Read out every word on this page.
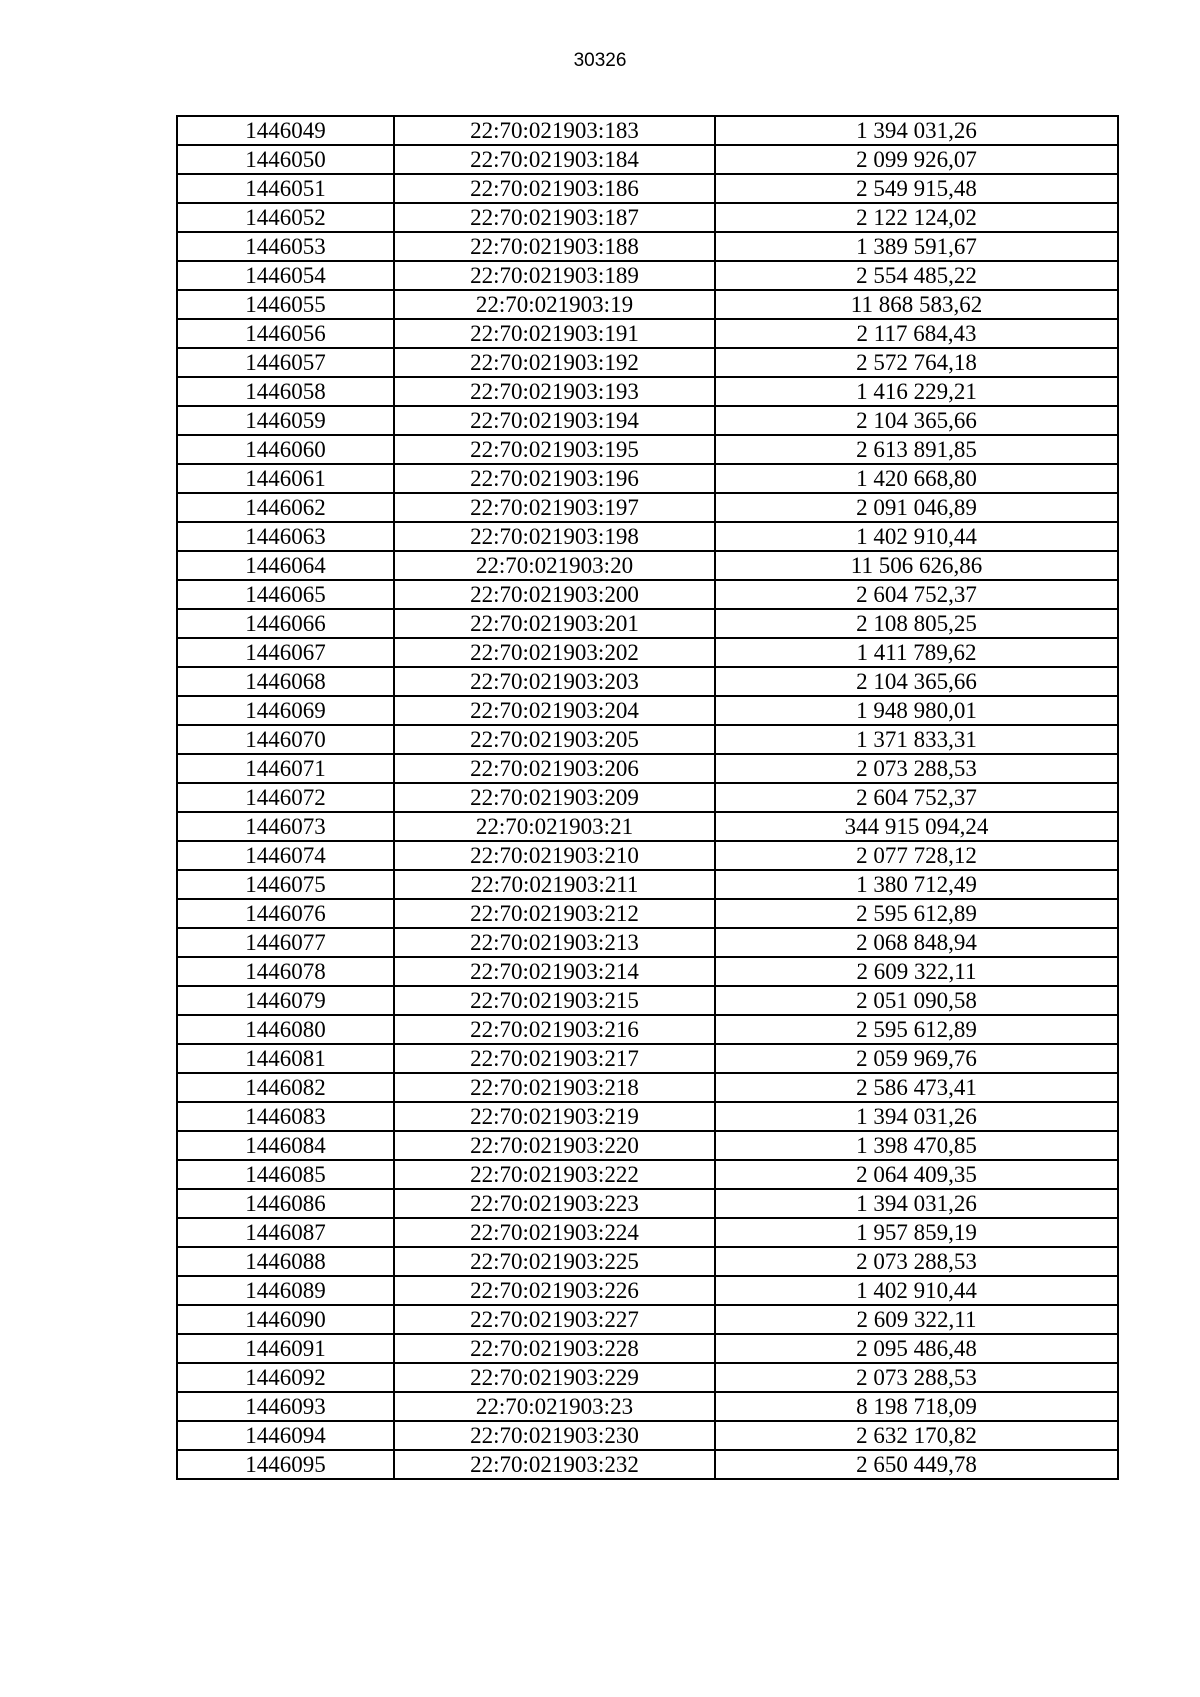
30326
1446049	22:70:021903:183	1 394 031,26
1446050	22:70:021903:184	2 099 926,07
1446051	22:70:021903:186	2 549 915,48
1446052	22:70:021903:187	2 122 124,02
1446053	22:70:021903:188	1 389 591,67
1446054	22:70:021903:189	2 554 485,22
1446055	22:70:021903:19	11 868 583,62
1446056	22:70:021903:191	2 117 684,43
1446057	22:70:021903:192	2 572 764,18
1446058	22:70:021903:193	1 416 229,21
1446059	22:70:021903:194	2 104 365,66
1446060	22:70:021903:195	2 613 891,85
1446061	22:70:021903:196	1 420 668,80
1446062	22:70:021903:197	2 091 046,89
1446063	22:70:021903:198	1 402 910,44
1446064	22:70:021903:20	11 506 626,86
1446065	22:70:021903:200	2 604 752,37
1446066	22:70:021903:201	2 108 805,25
1446067	22:70:021903:202	1 411 789,62
1446068	22:70:021903:203	2 104 365,66
1446069	22:70:021903:204	1 948 980,01
1446070	22:70:021903:205	1 371 833,31
1446071	22:70:021903:206	2 073 288,53
1446072	22:70:021903:209	2 604 752,37
1446073	22:70:021903:21	344 915 094,24
1446074	22:70:021903:210	2 077 728,12
1446075	22:70:021903:211	1 380 712,49
1446076	22:70:021903:212	2 595 612,89
1446077	22:70:021903:213	2 068 848,94
1446078	22:70:021903:214	2 609 322,11
1446079	22:70:021903:215	2 051 090,58
1446080	22:70:021903:216	2 595 612,89
1446081	22:70:021903:217	2 059 969,76
1446082	22:70:021903:218	2 586 473,41
1446083	22:70:021903:219	1 394 031,26
1446084	22:70:021903:220	1 398 470,85
1446085	22:70:021903:222	2 064 409,35
1446086	22:70:021903:223	1 394 031,26
1446087	22:70:021903:224	1 957 859,19
1446088	22:70:021903:225	2 073 288,53
1446089	22:70:021903:226	1 402 910,44
1446090	22:70:021903:227	2 609 322,11
1446091	22:70:021903:228	2 095 486,48
1446092	22:70:021903:229	2 073 288,53
1446093	22:70:021903:23	8 198 718,09
1446094	22:70:021903:230	2 632 170,82
1446095	22:70:021903:232	2 650 449,78
